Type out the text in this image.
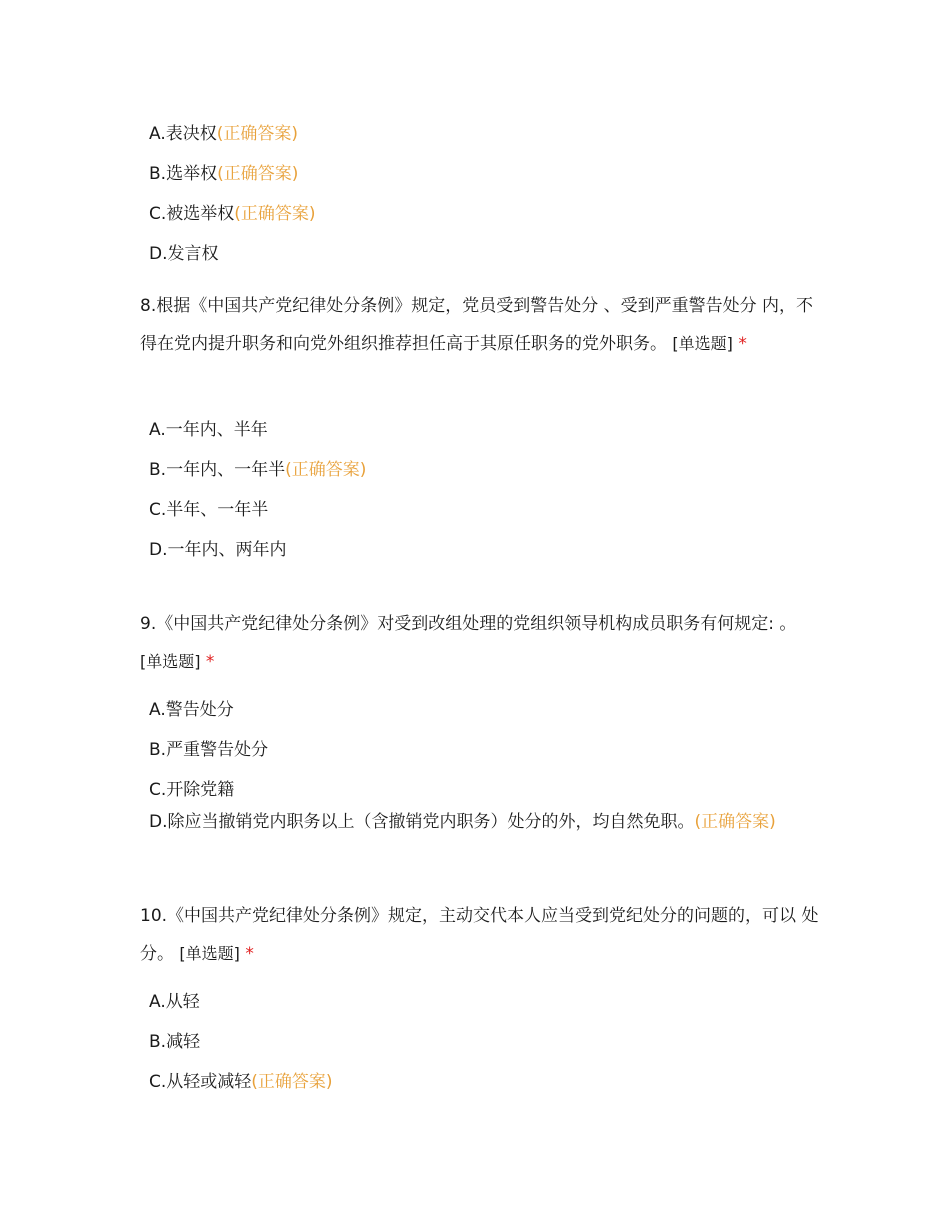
A.表决权(正确答案)
B.选举权(正确答案)
C.被选举权(正确答案)
D.发言权
8.根据《中国共产党纪律处分条例》规定，党员受到警告处分 、受到严重警告处分 内，不得在党内提升职务和向党外组织推荐担任高于其原任职务的党外职务。 [单选题] *
A.一年内、半年
B.一年内、一年半(正确答案)
C.半年、一年半
D.一年内、两年内
9.《中国共产党纪律处分条例》对受到改组处理的党组织领导机构成员职务有何规定: 。 [单选题] *
A.警告处分
B.严重警告处分
C.开除党籍
D.除应当撤销党内职务以上（含撤销党内职务）处分的外，均自然免职。(正确答案)
10.《中国共产党纪律处分条例》规定，主动交代本人应当受到党纪处分的问题的，可以 处分。 [单选题] *
A.从轻
B.减轻
C.从轻或减轻(正确答案)
